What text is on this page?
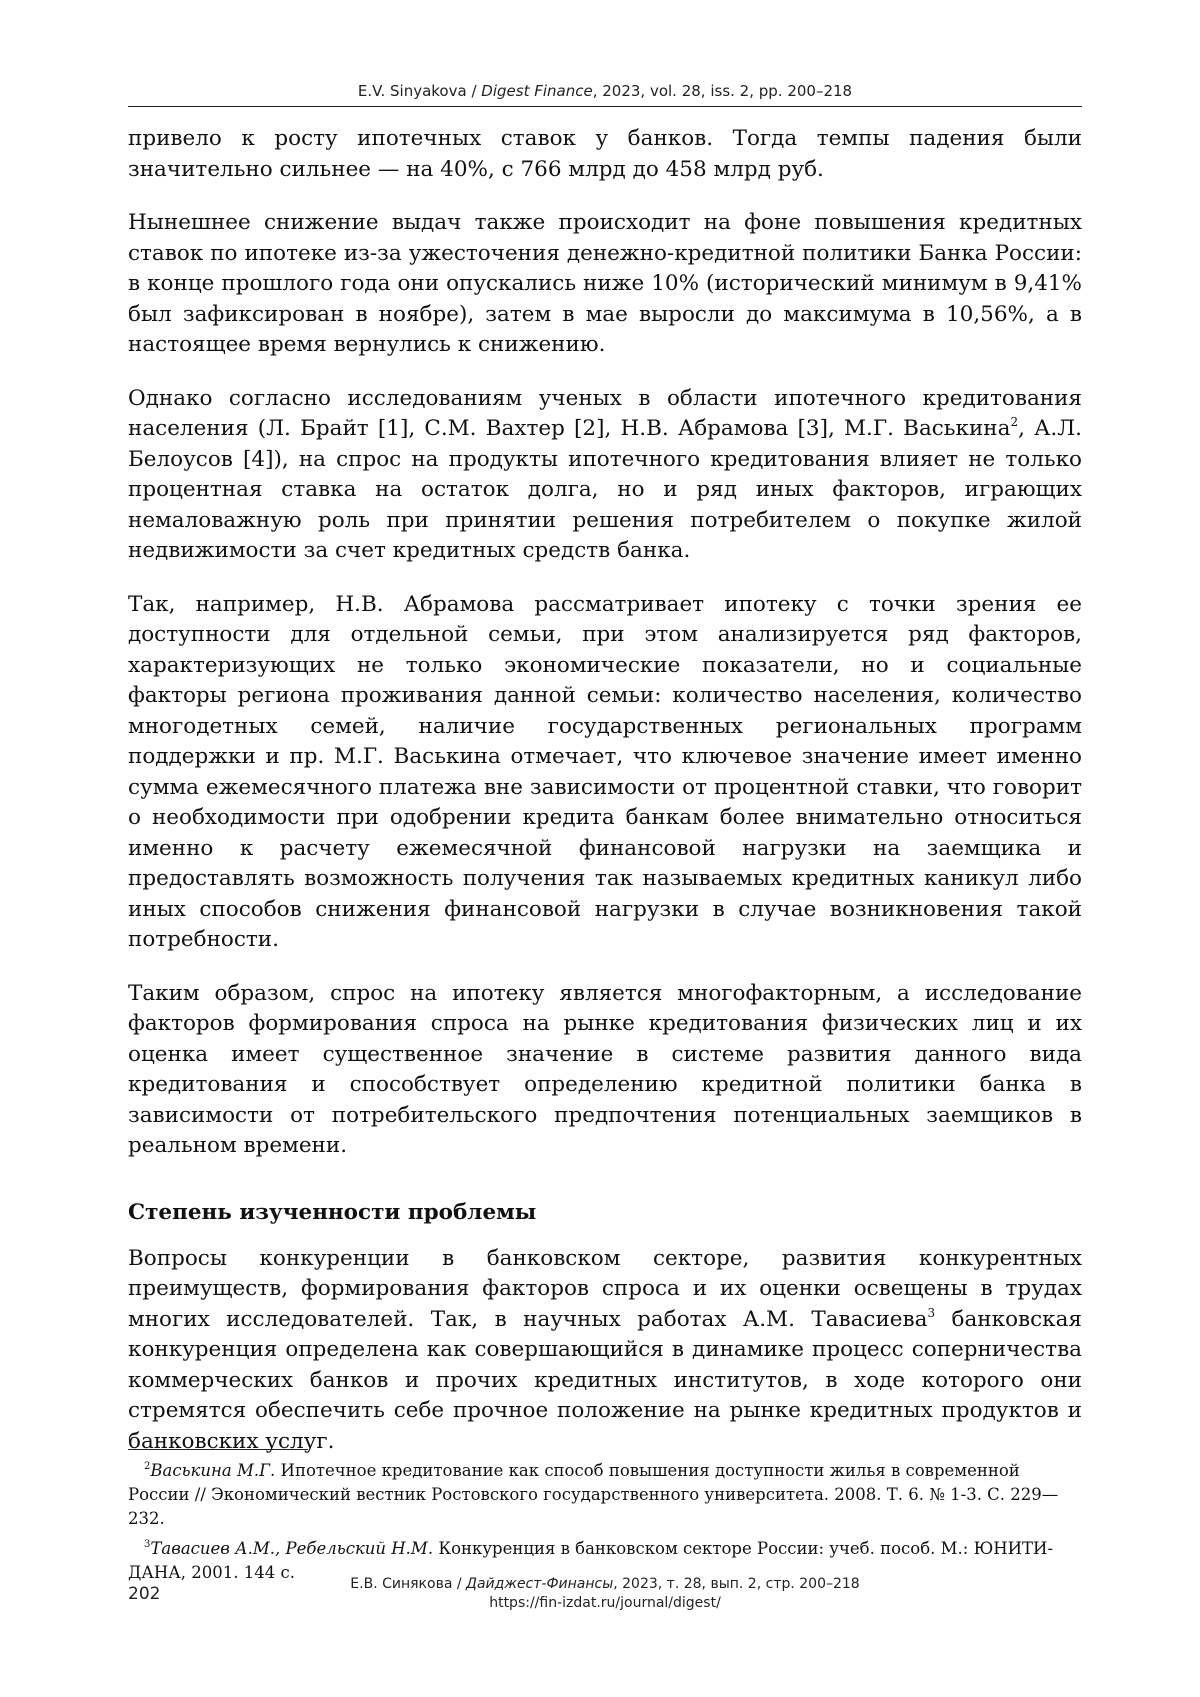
E.V. Sinyakova / Digest Finance, 2023, vol. 28, iss. 2, pp. 200–218

привело к росту ипотечных ставок у банков. Тогда темпы падения были значительно сильнее — на 40%, с 766 млрд до 458 млрд руб.

Нынешнее снижение выдач также происходит на фоне повышения кредитных ставок по ипотеке из-за ужесточения денежно-кредитной политики Банка России: в конце прошлого года они опускались ниже 10% (исторический минимум в 9,41% был зафиксирован в ноябре), затем в мае выросли до максимума в 10,56%, а в настоящее время вернулись к снижению.

Однако согласно исследованиям ученых в области ипотечного кредитования населения (Л. Брайт [1], С.М. Вахтер [2], Н.В. Абрамова [3], М.Г. Васькина$^2$, А.Л. Белоусов [4]), на спрос на продукты ипотечного кредитования влияет не только процентная ставка на остаток долга, но и ряд иных факторов, играющих немаловажную роль при принятии решения потребителем о покупке жилой недвижимости за счет кредитных средств банка.

Так, например, Н.В. Абрамова рассматривает ипотеку с точки зрения ее доступности для отдельной семьи, при этом анализируется ряд факторов, характеризующих не только экономические показатели, но и социальные факторы региона проживания данной семьи: количество населения, количество многодетных семей, наличие государственных региональных программ поддержки и пр. М.Г. Васькина отмечает, что ключевое значение имеет именно сумма ежемесячного платежа вне зависимости от процентной ставки, что говорит о необходимости при одобрении кредита банкам более внимательно относиться именно к расчету ежемесячной финансовой нагрузки на заемщика и предоставлять возможность получения так называемых кредитных каникул либо иных способов снижения финансовой нагрузки в случае возникновения такой потребности.

Таким образом, спрос на ипотеку является многофакторным, а исследование факторов формирования спроса на рынке кредитования физических лиц и их оценка имеет существенное значение в системе развития данного вида кредитования и способствует определению кредитной политики банка в зависимости от потребительского предпочтения потенциальных заемщиков в реальном времени.

Степень изученности проблемы

Вопросы конкуренции в банковском секторе, развития конкурентных преимуществ, формирования факторов спроса и их оценки освещены в трудах многих исследователей. Так, в научных работах А.М. Тавасиева$^3$ банковская конкуренция определена как совершающийся в динамике процесс соперничества коммерческих банков и прочих кредитных институтов, в ходе которого они стремятся обеспечить себе прочное положение на рынке кредитных продуктов и банковских услуг.

$^2$Васькина М.Г. Ипотечное кредитование как способ повышения доступности жилья в современной России // Экономический вестник Ростовского государственного университета. 2008. Т. 6. № 1-3. С. 229—232.
$^3$Тавасиев А.М., Ребельский Н.М. Конкуренция в банковском секторе России: учеб. пособ. М.: ЮНИТИ-ДАНА, 2001. 144 с.
202	Е.В. Синякова / Дайджест-Финансы, 2023, т. 28, вып. 2, стр. 200–218
https://fin-izdat.ru/journal/digest/
